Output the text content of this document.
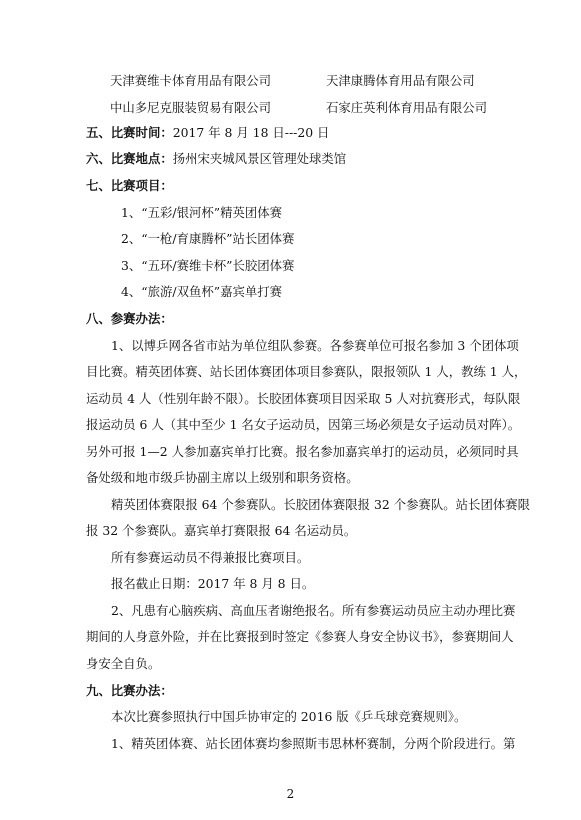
天津赛维卡体育用品有限公司	天津康腾体育用品有限公司
中山多尼克服装贸易有限公司	石家庄英利体育用品有限公司
五、比赛时间：2017 年 8 月 18 日---20 日
六、比赛地点：扬州宋夹城风景区管理处球类馆
七、比赛项目：
1、“五彩/银河杯”精英团体赛
2、“一枪/育康腾杯”站长团体赛
3、“五环/赛维卡杯”长胶团体赛
4、“旅游/双鱼杯”嘉宾单打赛
八、参赛办法：
1、以博乒网各省市站为单位组队参赛。各参赛单位可报名参加 3 个团体项
目比赛。精英团体赛、站长团体赛团体项目参赛队，限报领队 1 人，教练 1 人，
运动员 4 人（性别年龄不限）。长胶团体赛项目因采取 5 人对抗赛形式，每队限
报运动员 6 人（其中至少 1 名女子运动员，因第三场必须是女子运动员对阵）。
另外可报 1—2 人参加嘉宾单打比赛。报名参加嘉宾单打的运动员，必须同时具
备处级和地市级乒协副主席以上级别和职务资格。
精英团体赛限报 64 个参赛队。长胶团体赛限报 32 个参赛队。站长团体赛限
报 32 个参赛队。嘉宾单打赛限报 64 名运动员。
所有参赛运动员不得兼报比赛项目。
报名截止日期：2017 年 8 月 8 日。
2、凡患有心脑疾病、高血压者谢绝报名。所有参赛运动员应主动办理比赛
期间的人身意外险，并在比赛报到时签定《参赛人身安全协议书》，参赛期间人
身安全自负。
九、比赛办法：
本次比赛参照执行中国乒协审定的 2016 版《乒乓球竞赛规则》。
1、精英团体赛、站长团体赛均参照斯韦思林杯赛制，分两个阶段进行。第
2
